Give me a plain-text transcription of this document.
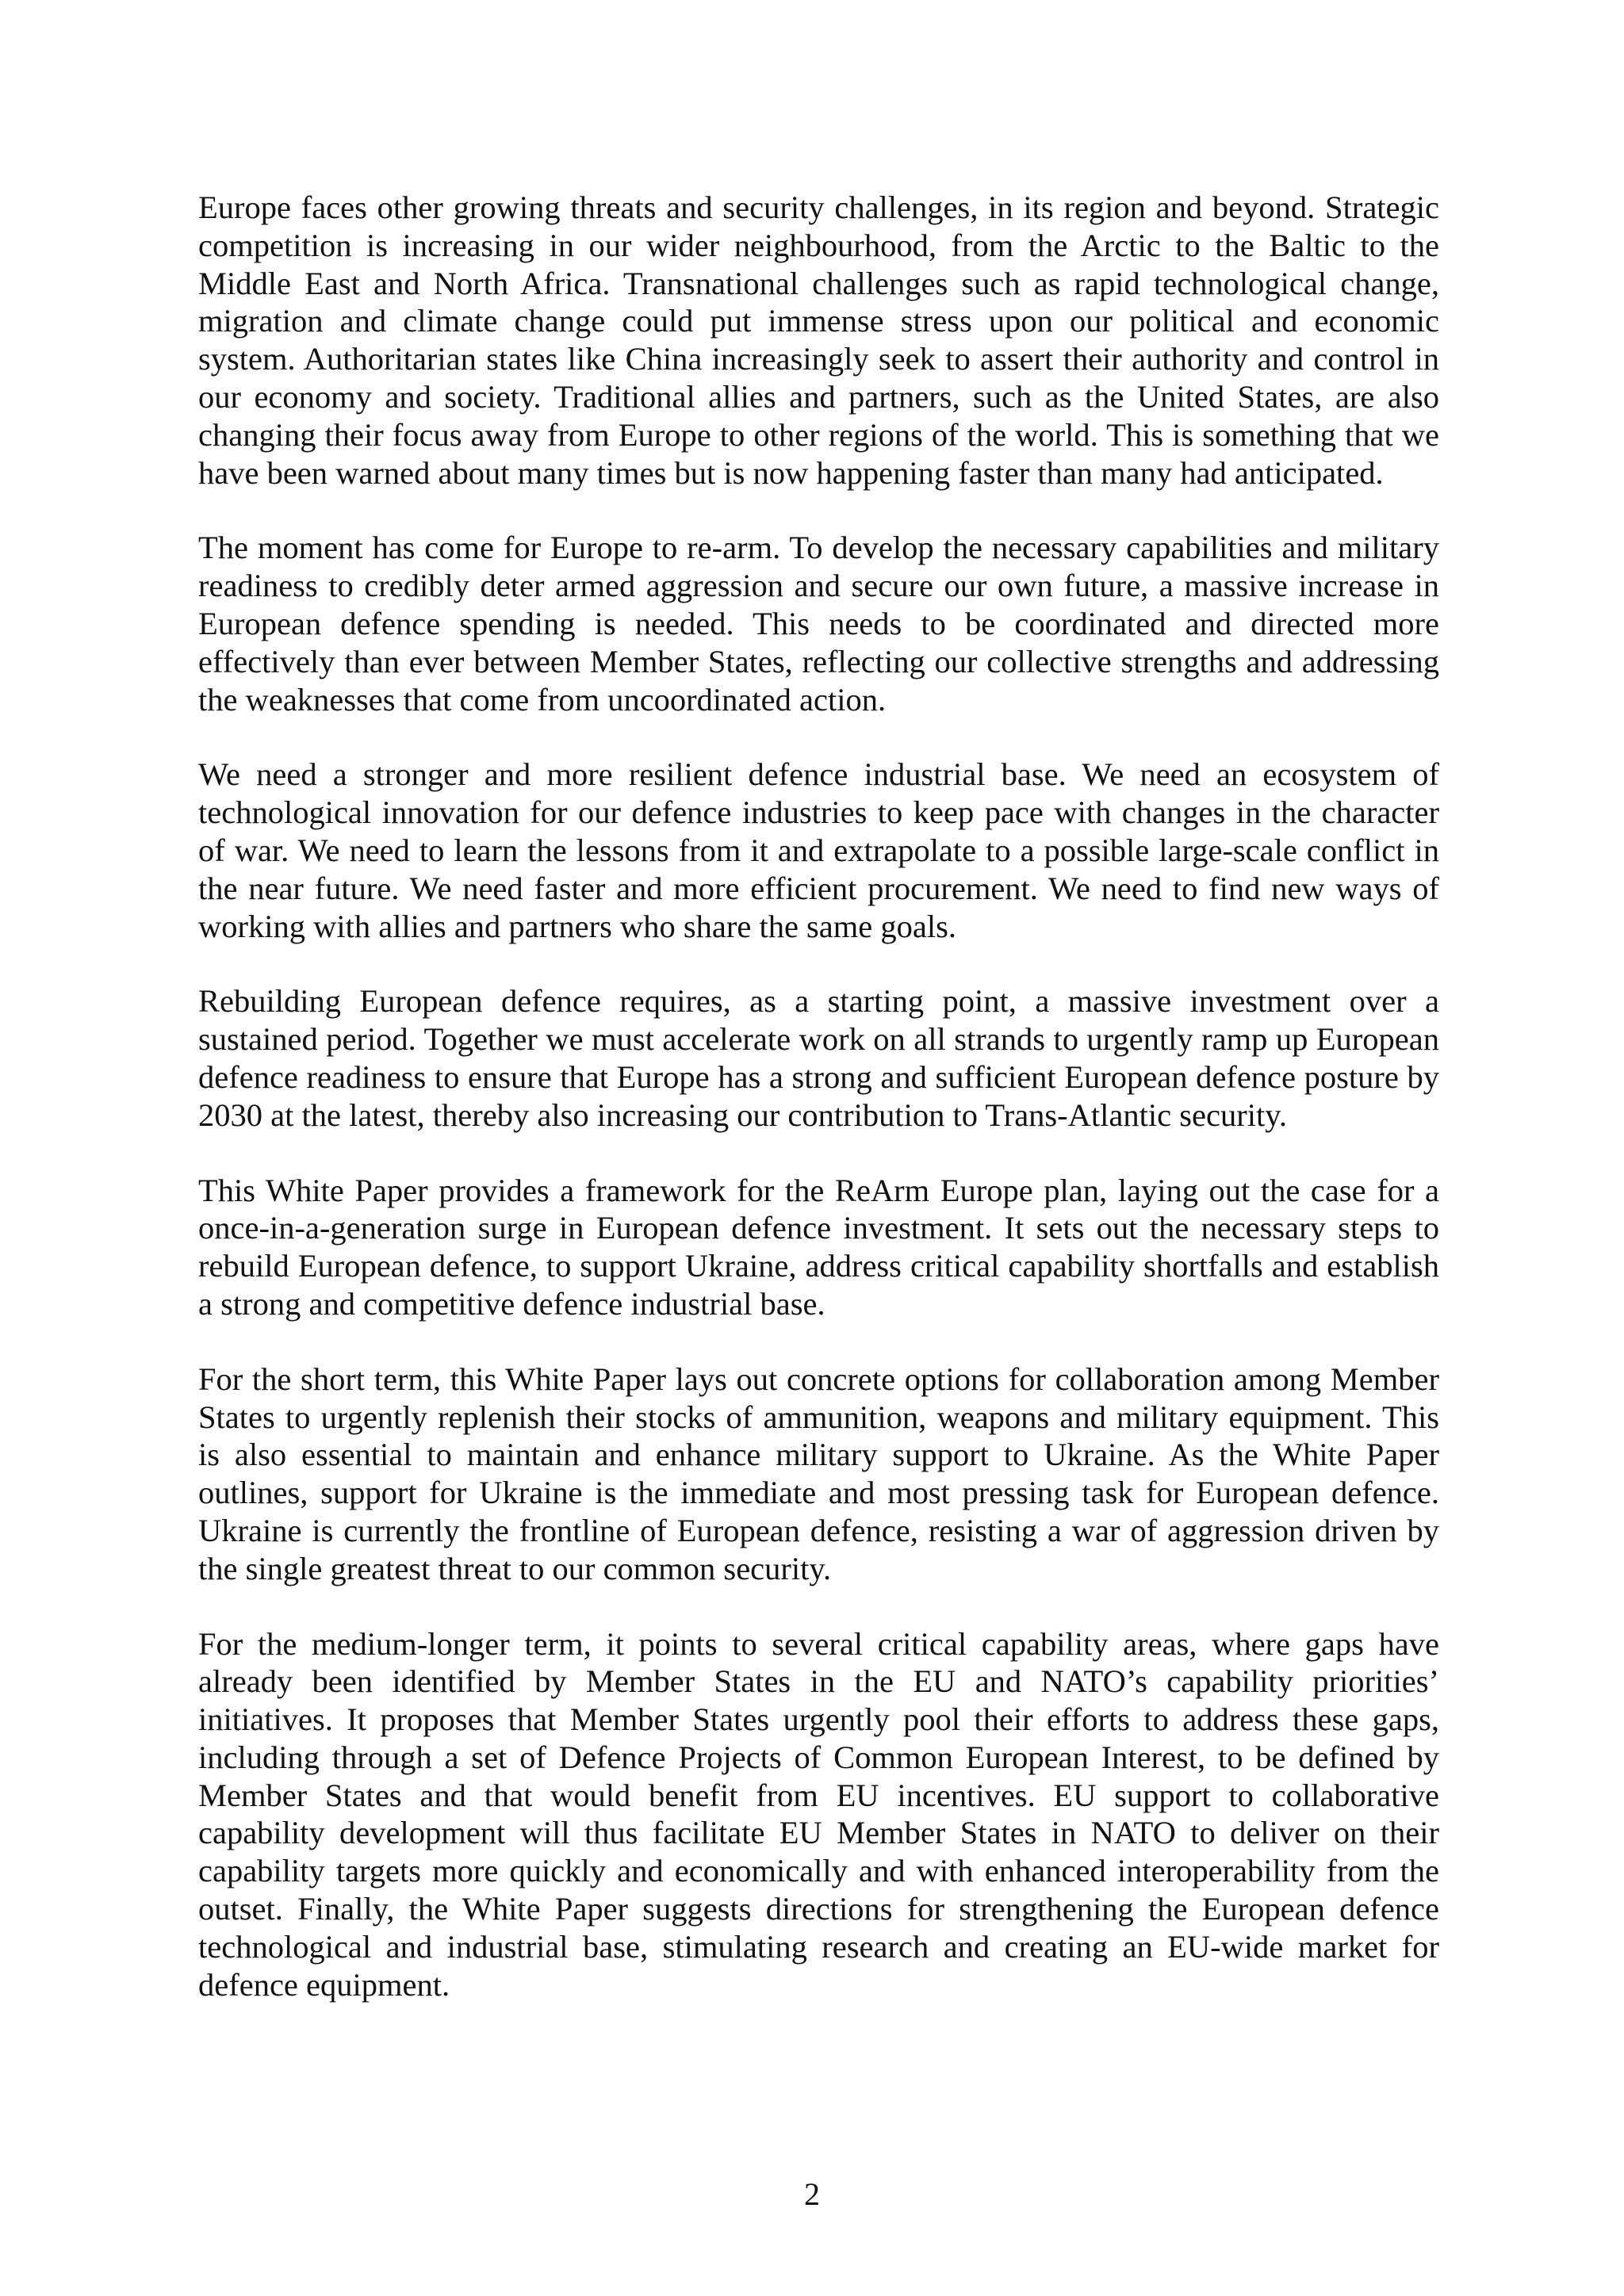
Europe faces other growing threats and security challenges, in its region and beyond. Strategic competition is increasing in our wider neighbourhood, from the Arctic to the Baltic to the Middle East and North Africa. Transnational challenges such as rapid technological change, migration and climate change could put immense stress upon our political and economic system. Authoritarian states like China increasingly seek to assert their authority and control in our economy and society. Traditional allies and partners, such as the United States, are also changing their focus away from Europe to other regions of the world. This is something that we have been warned about many times but is now happening faster than many had anticipated.

The moment has come for Europe to re-arm. To develop the necessary capabilities and military readiness to credibly deter armed aggression and secure our own future, a massive increase in European defence spending is needed. This needs to be coordinated and directed more effectively than ever between Member States, reflecting our collective strengths and addressing the weaknesses that come from uncoordinated action.

We need a stronger and more resilient defence industrial base. We need an ecosystem of technological innovation for our defence industries to keep pace with changes in the character of war. We need to learn the lessons from it and extrapolate to a possible large-scale conflict in the near future. We need faster and more efficient procurement. We need to find new ways of working with allies and partners who share the same goals.

Rebuilding European defence requires, as a starting point, a massive investment over a sustained period. Together we must accelerate work on all strands to urgently ramp up European defence readiness to ensure that Europe has a strong and sufficient European defence posture by 2030 at the latest, thereby also increasing our contribution to Trans-Atlantic security.

This White Paper provides a framework for the ReArm Europe plan, laying out the case for a once-in-a-generation surge in European defence investment. It sets out the necessary steps to rebuild European defence, to support Ukraine, address critical capability shortfalls and establish a strong and competitive defence industrial base.

For the short term, this White Paper lays out concrete options for collaboration among Member States to urgently replenish their stocks of ammunition, weapons and military equipment. This is also essential to maintain and enhance military support to Ukraine. As the White Paper outlines, support for Ukraine is the immediate and most pressing task for European defence. Ukraine is currently the frontline of European defence, resisting a war of aggression driven by the single greatest threat to our common security.

For the medium-longer term, it points to several critical capability areas, where gaps have already been identified by Member States in the EU and NATO’s capability priorities’ initiatives. It proposes that Member States urgently pool their efforts to address these gaps, including through a set of Defence Projects of Common European Interest, to be defined by Member States and that would benefit from EU incentives. EU support to collaborative capability development will thus facilitate EU Member States in NATO to deliver on their capability targets more quickly and economically and with enhanced interoperability from the outset. Finally, the White Paper suggests directions for strengthening the European defence technological and industrial base, stimulating research and creating an EU-wide market for defence equipment.

2
